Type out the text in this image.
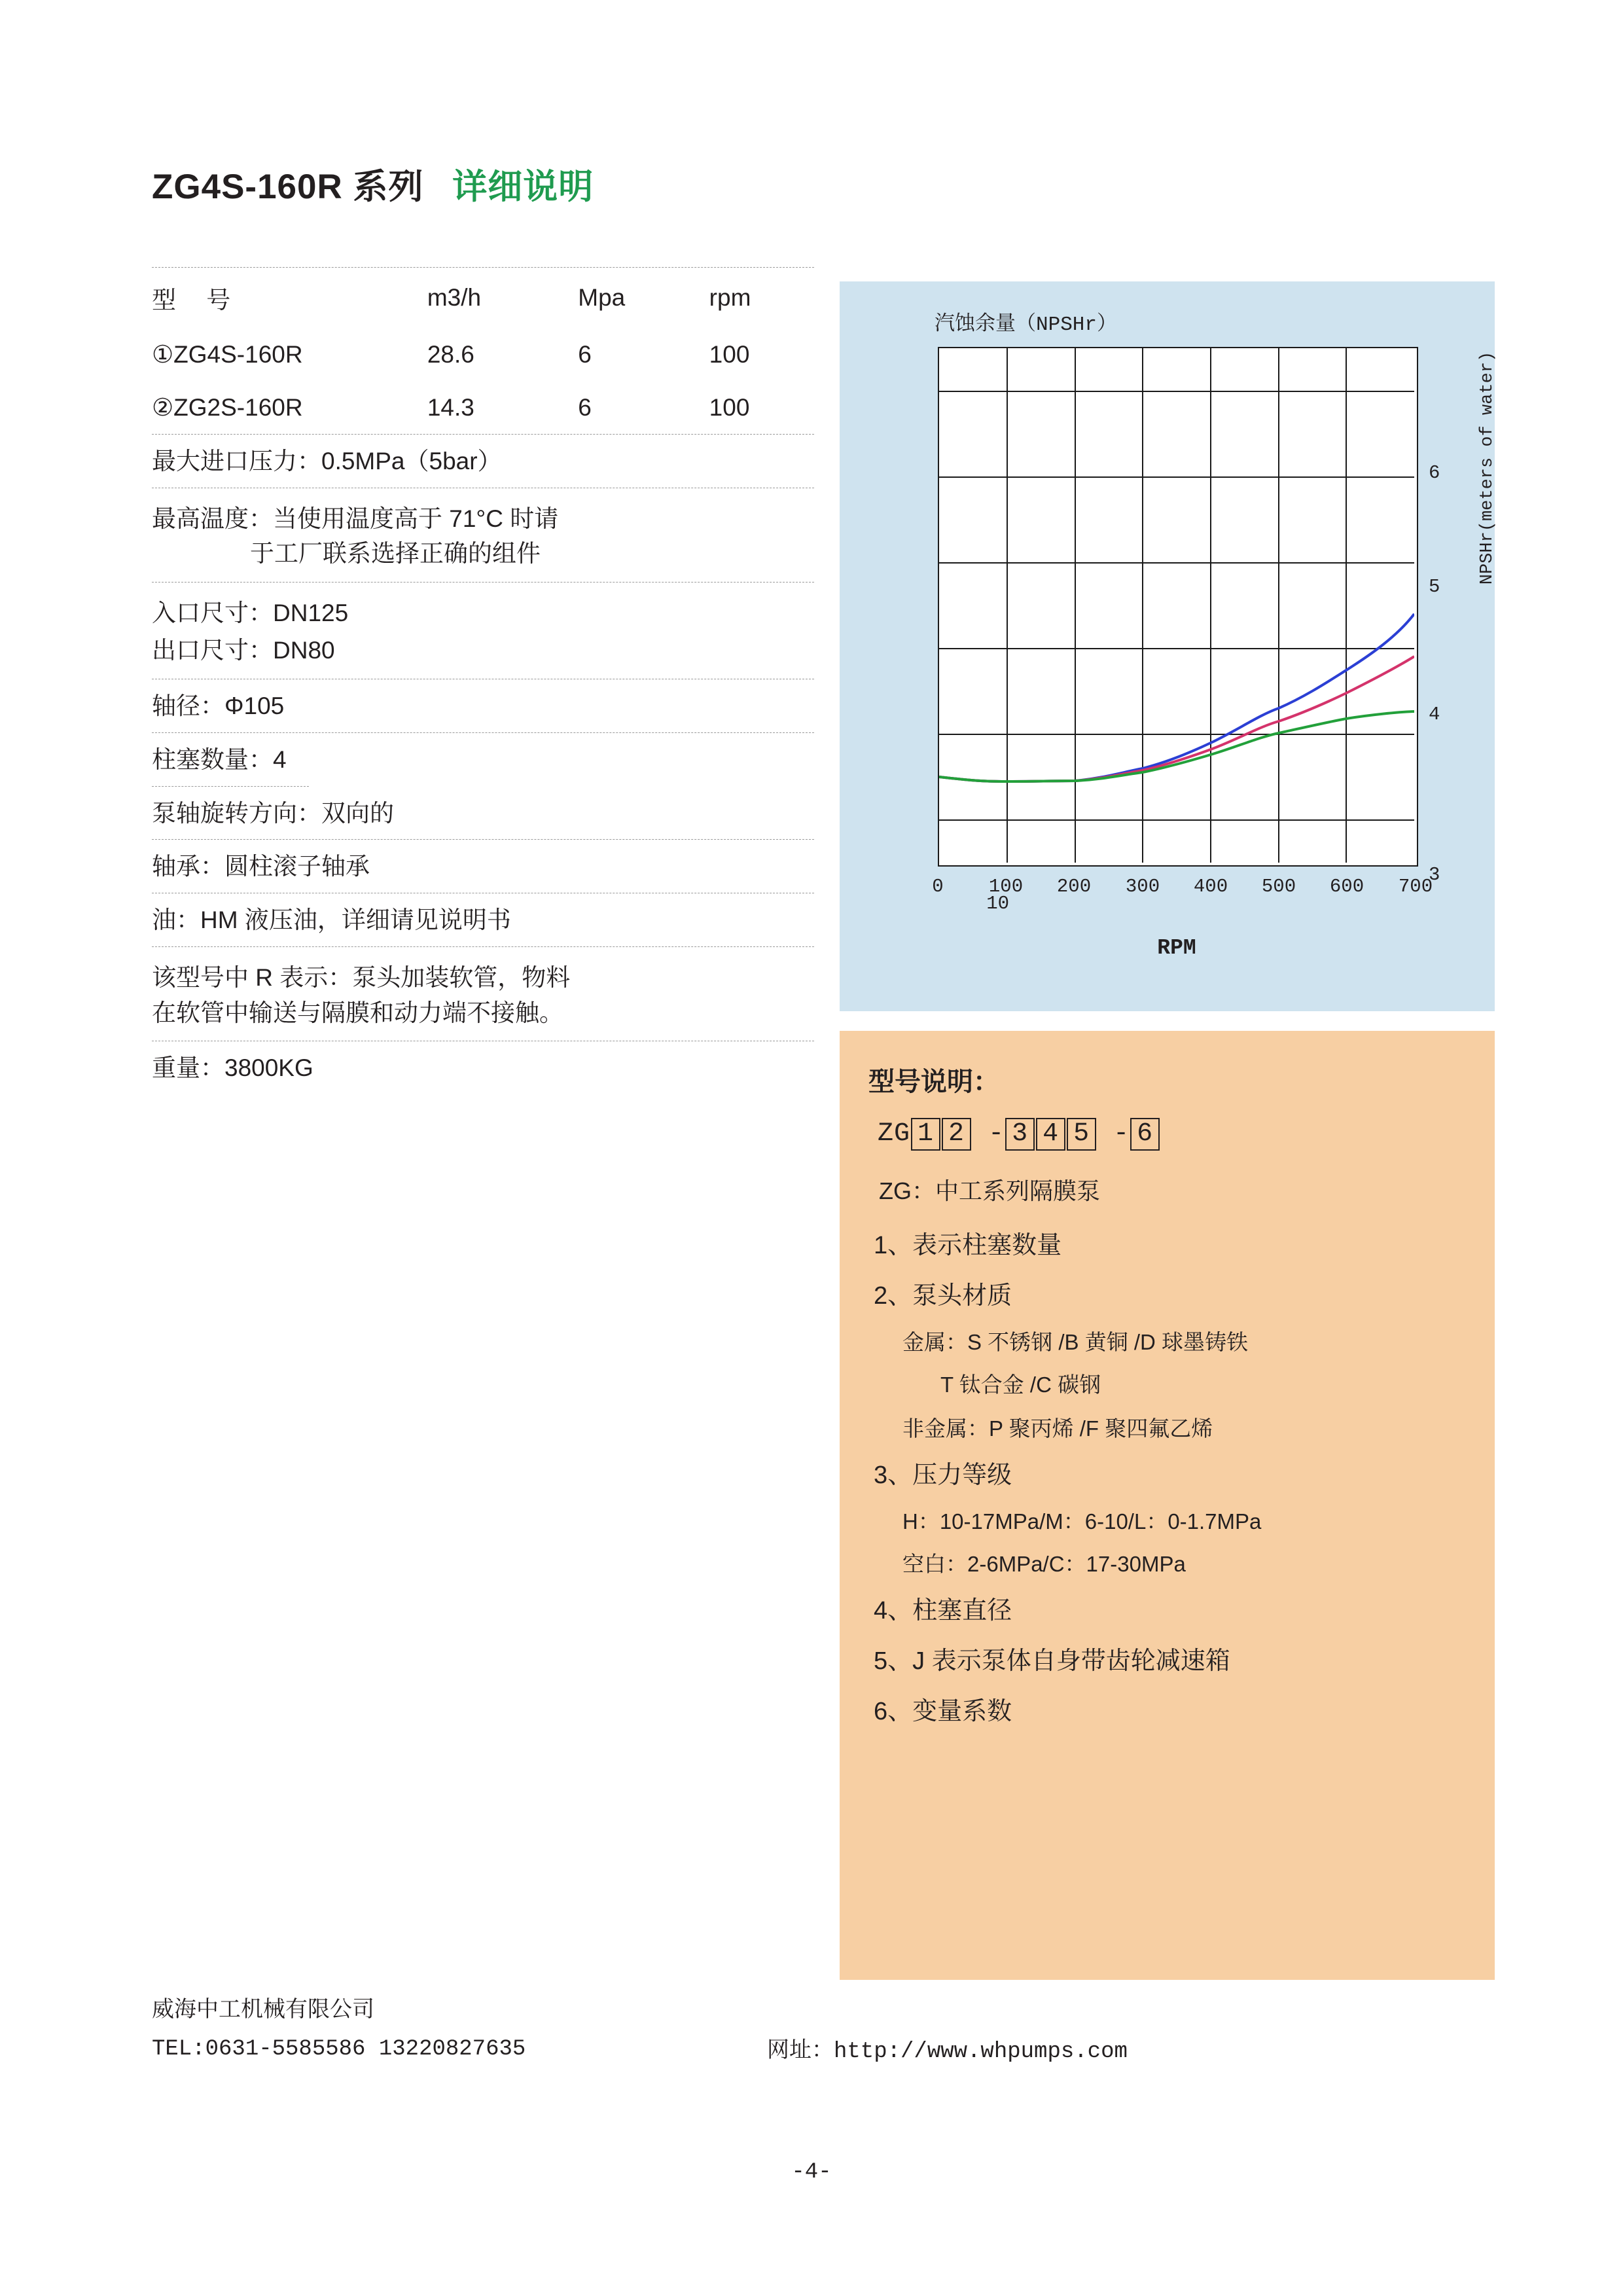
ZG4S-160R 系列 详细说明
型 号	m3/h	Mpa	rpm
①ZG4S-160R	28.6	6	100
②ZG2S-160R	14.3	6	100
最大进口压力：0.5MPa（5bar）
最高温度：当使用温度高于 71°C 时请
于工厂联系选择正确的组件
入口尺寸：DN125
出口尺寸：DN80
轴径：Φ105
柱塞数量：4
泵轴旋转方向：双向的
轴承：圆柱滚子轴承
油：HM 液压油，详细请见说明书
该型号中 R 表示：泵头加装软管，物料
在软管中输送与隔膜和动力端不接触。
重量：3800KG
汽蚀余量（NPSHr）
NPSHr(meters of water)
RPM
10
6
5
4
3
0	100	200	300	400	500	600	700
型号说明：
ZG 1 2 - 3 4 5 - 6
ZG：中工系列隔膜泵
1、表示柱塞数量
2、泵头材质
金属：S 不锈钢 /B 黄铜 /D 球墨铸铁
T 钛合金 /C 碳钢
非金属：P 聚丙烯 /F 聚四氟乙烯
3、压力等级
H：10-17MPa/M：6-10/L：0-1.7MPa
空白：2-6MPa/C：17-30MPa
4、柱塞直径
5、J 表示泵体自身带齿轮减速箱
6、变量系数
威海中工机械有限公司
TEL:0631-5585586 13220827635	网址：http://www.whpumps.com
-4-
